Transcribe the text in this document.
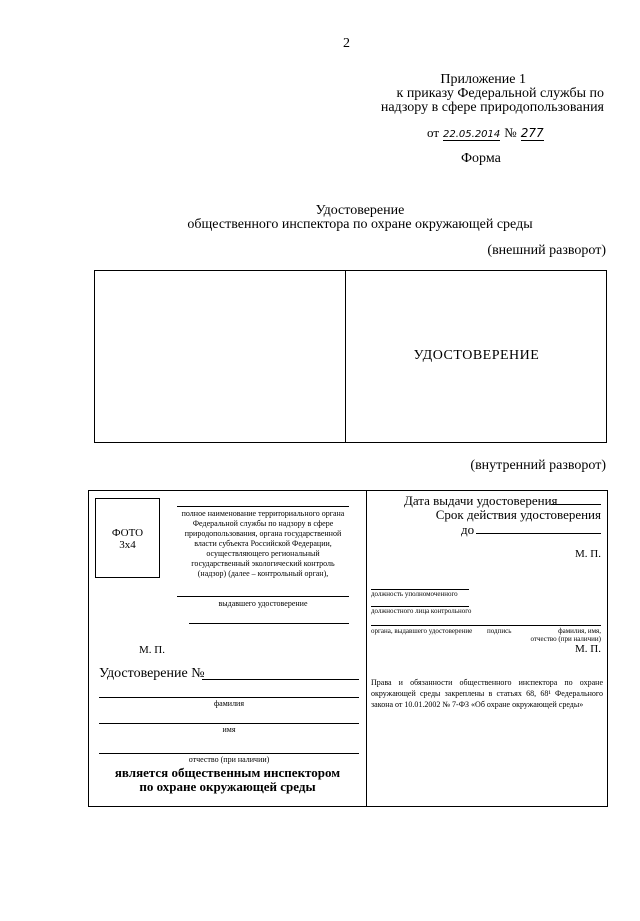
2
Приложение 1
к приказу Федеральной службы по
надзору в сфере природопользования
от 22.05.2014 № 277
Форма
Удостоверение
общественного инспектора по охране окружающей среды
(внешний разворот)
УДОСТОВЕРЕНИЕ
(внутренний разворот)
ФОТО
3x4
полное наименование территориального органа Федеральной службы по надзору в сфере природопользования, органа государственной власти субъекта Российской Федерации, осуществляющего региональный государственный экологический контроль (надзор) (далее – контрольный орган),
выдавшего удостоверение
М. П.
Удостоверение №
фамилия
имя
отчество (при наличии)
является общественным инспектором
по охране окружающей среды
Дата выдачи удостоверения
Срок действия удостоверения
до
М. П.
должность уполномоченного
должностного лица контрольного
органа, выдавшего удостоверение	подпись	фамилия, имя,
отчество (при наличии)
М. П.
Права и обязанности общественного инспектора по охране окружающей среды закреплены в статьях 68, 68¹ Федерального закона от 10.01.2002 № 7-ФЗ «Об охране окружающей среды»
